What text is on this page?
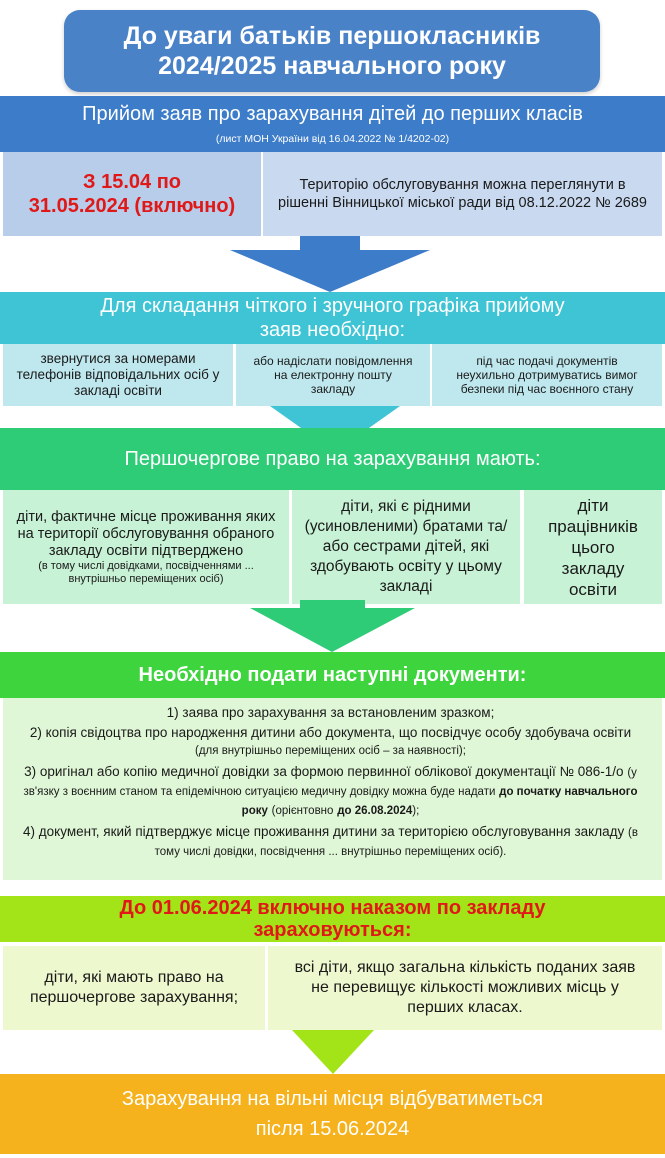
До уваги батьків першокласників
2024/2025 навчального року
Прийом заяв про зарахування дітей до перших класів
(лист МОН України від 16.04.2022 № 1/4202-02)
З 15.04 по
31.05.2024 (включно)
Територію обслуговування можна переглянути в рішенні Вінницької міської ради від 08.12.2022 № 2689
Для складання чіткого і зручного графіка прийому заяв необхідно:
звернутися за номерами телефонів відповідальних осіб у закладі освіти
або надіслати повідомлення на електронну пошту закладу
під час подачі документів неухильно дотримуватись вимог безпеки під час воєнного стану
Першочергове право на зарахування мають:
діти, фактичне місце проживання яких на території обслуговування обраного закладу освіти підтверджено
(в тому числі довідками, посвідченнями ... внутрішньо переміщених осіб)
діти, які є рідними (усиновленими) братами та/або сестрами дітей, які здобувають освіту у цьому закладі
діти працівників цього закладу освіти
Необхідно подати наступні документи:
1) заява про зарахування за встановленим зразком;
2) копія свідоцтва про народження дитини або документа, що посвідчує особу здобувача освіти (для внутрішньо переміщених осіб – за наявності);
3) оригінал або копію медичної довідки за формою первинної облікової документації № 086-1/о (у зв'язку з воєнним станом та епідемічною ситуацією медичну довідку можна буде надати до початку навчального року (орієнтовно до 26.08.2024);
4) документ, який підтверджує місце проживання дитини за територією обслуговування закладу (в тому числі довідки, посвідчення ... внутрішньо переміщених осіб).
До 01.06.2024 включно наказом по закладу
зараховуються:
діти, які мають право на першочергове зарахування;
всі діти, якщо загальна кількість поданих заяв не перевищує кількості можливих місць у перших класах.
Зарахування на вільні місця відбуватиметься
після 15.06.2024
